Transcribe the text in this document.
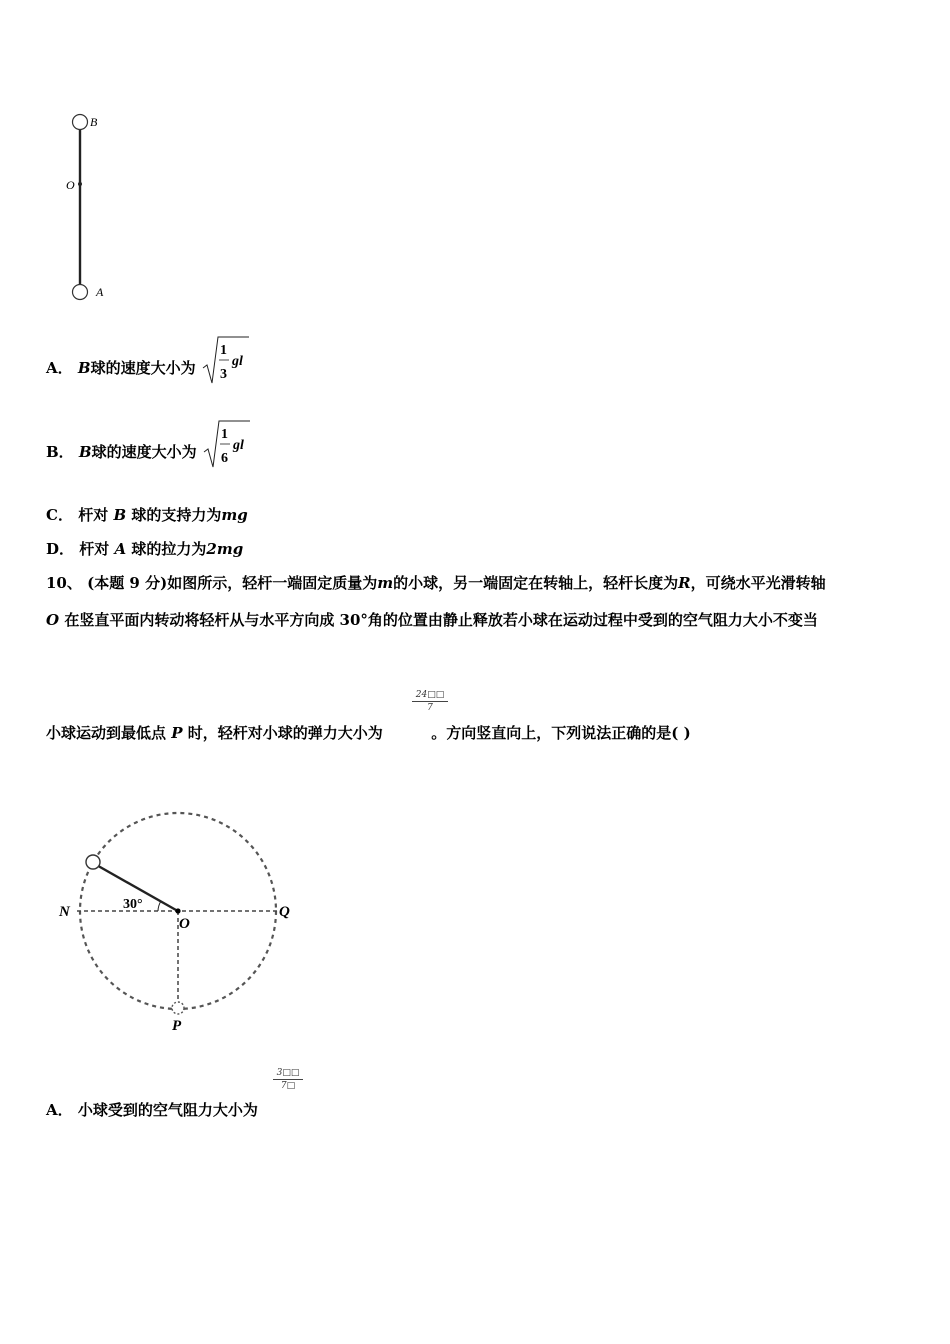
B
O
A
A． B球的速度大小为
1
3
gl
B． B球的速度大小为
1
6
gl
C． 杆对 B 球的支持力为mg
D． 杆对 A 球的拉力为2mg
10、 (本题 9 分)如图所示，轻杆一端固定质量为m的小球，另一端固定在转轴上，轻杆长度为R，可绕水平光滑转轴
O 在竖直平面内转动将轻杆从与水平方向成 30°角的位置由静止释放若小球在运动过程中受到的空气阻力大小不变当
24□□
7
小球运动到最低点 P 时，轻杆对小球的弹力大小为	。方向竖直向上，下列说法正确的是( )
30°
N
O
Q
P
3□□
7□
A． 小球受到的空气阻力大小为
